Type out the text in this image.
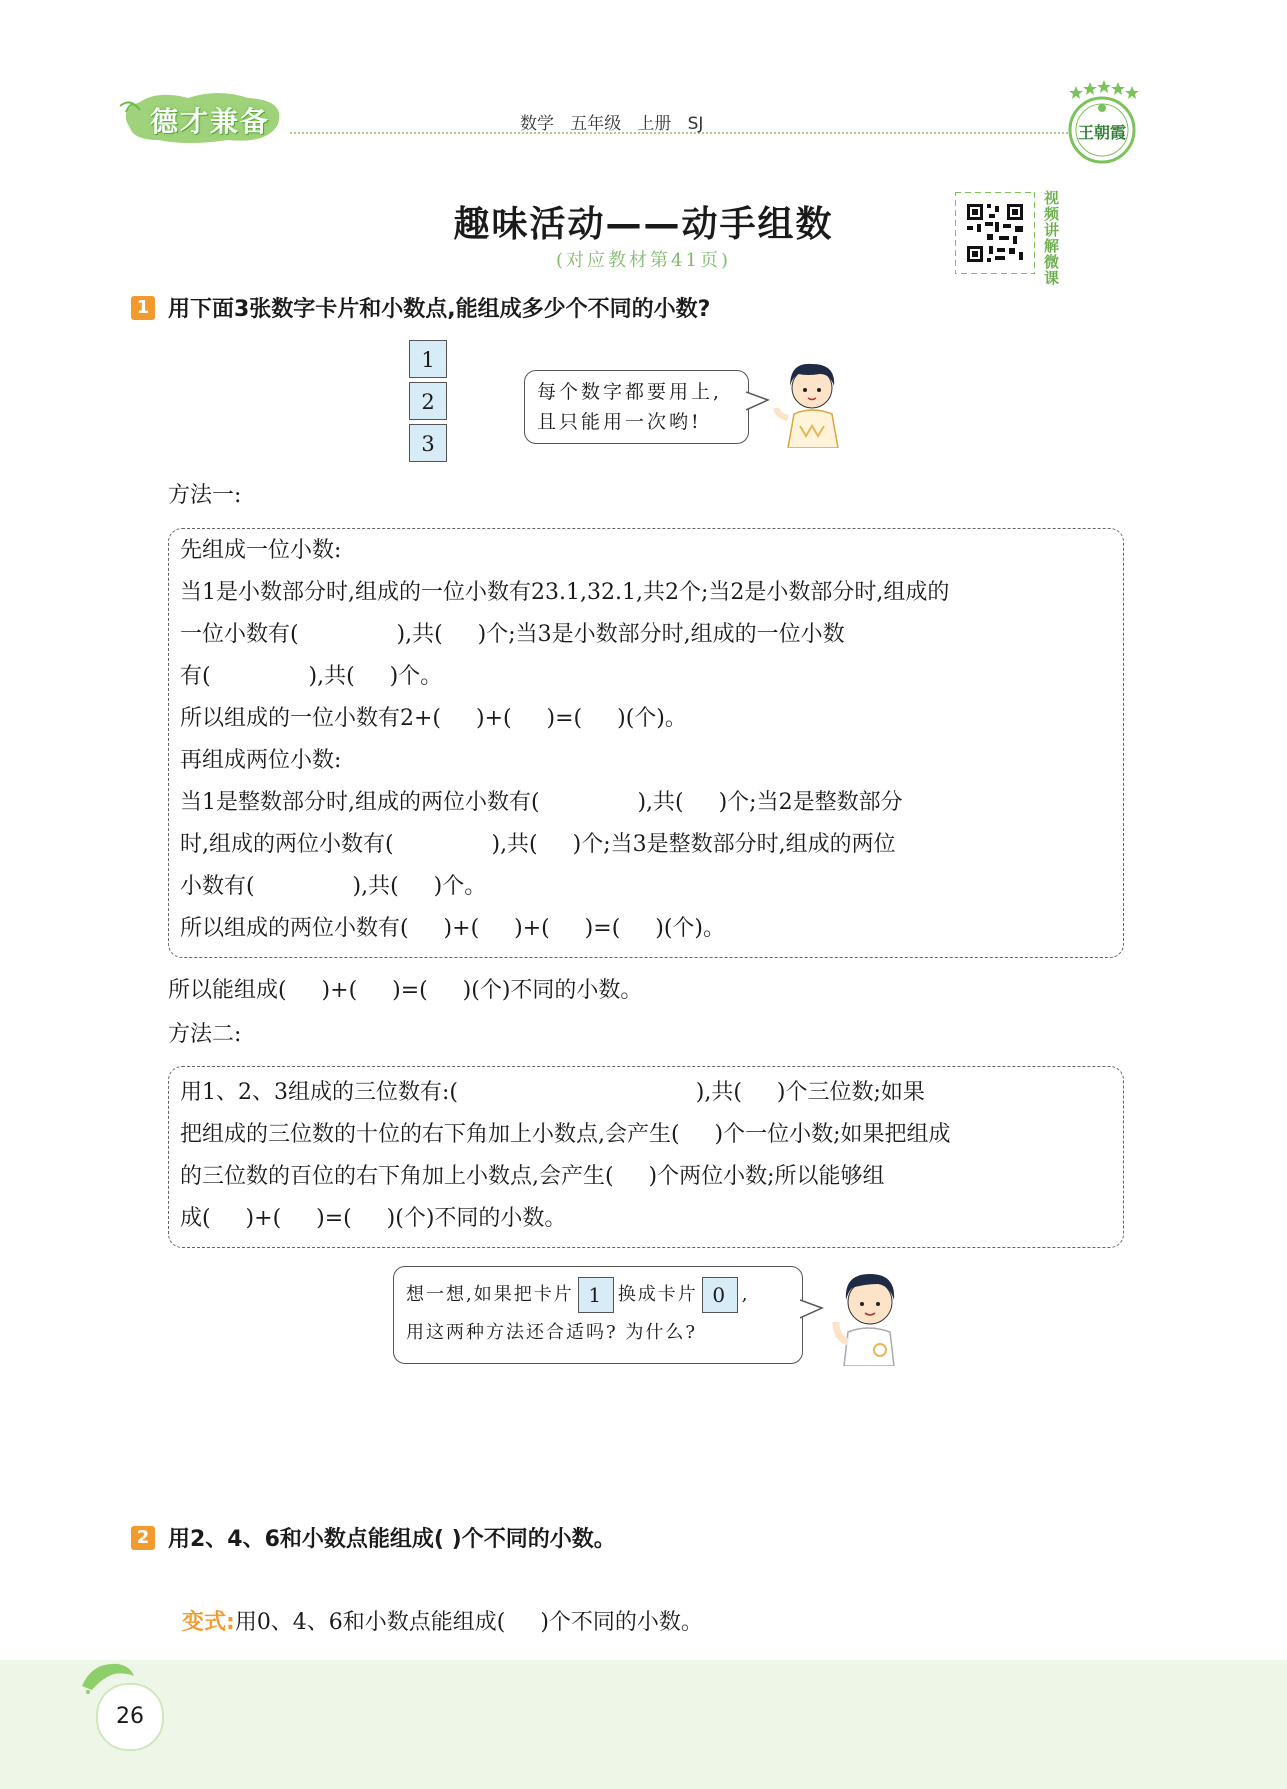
德才兼备	数学   五年级   上册   SJ	王朝霞
趣味活动——动手组数
(对应教材第41页)
视频讲解微课
1 用下面3张数字卡片和小数点,能组成多少个不同的小数?
1
2
3
每个数字都要用上,
且只能用一次哟!
方法一:
先组成一位小数:
当1是小数部分时,组成的一位小数有23.1,32.1,共2个;当2是小数部分时,组成的
一位小数有(              ),共(     )个;当3是小数部分时,组成的一位小数
有(              ),共(     )个。
所以组成的一位小数有2+(     )+(     )=(     )(个)。
再组成两位小数:
当1是整数部分时,组成的两位小数有(              ),共(     )个;当2是整数部分
时,组成的两位小数有(              ),共(     )个;当3是整数部分时,组成的两位
小数有(              ),共(     )个。
所以组成的两位小数有(     )+(     )+(     )=(     )(个)。
所以能组成(     )+(     )=(     )(个)不同的小数。
方法二:
用1、2、3组成的三位数有:(                                  ),共(     )个三位数;如果
把组成的三位数的十位的右下角加上小数点,会产生(     )个一位小数;如果把组成
的三位数的百位的右下角加上小数点,会产生(     )个两位小数;所以能够组
成(     )+(     )=(     )(个)不同的小数。
想一想,如果把卡片 1 换成卡片 0 ,
用这两种方法还合适吗? 为什么?
2 用2、4、6和小数点能组成( )个不同的小数。

变式:用0、4、6和小数点能组成(     )个不同的小数。

26
